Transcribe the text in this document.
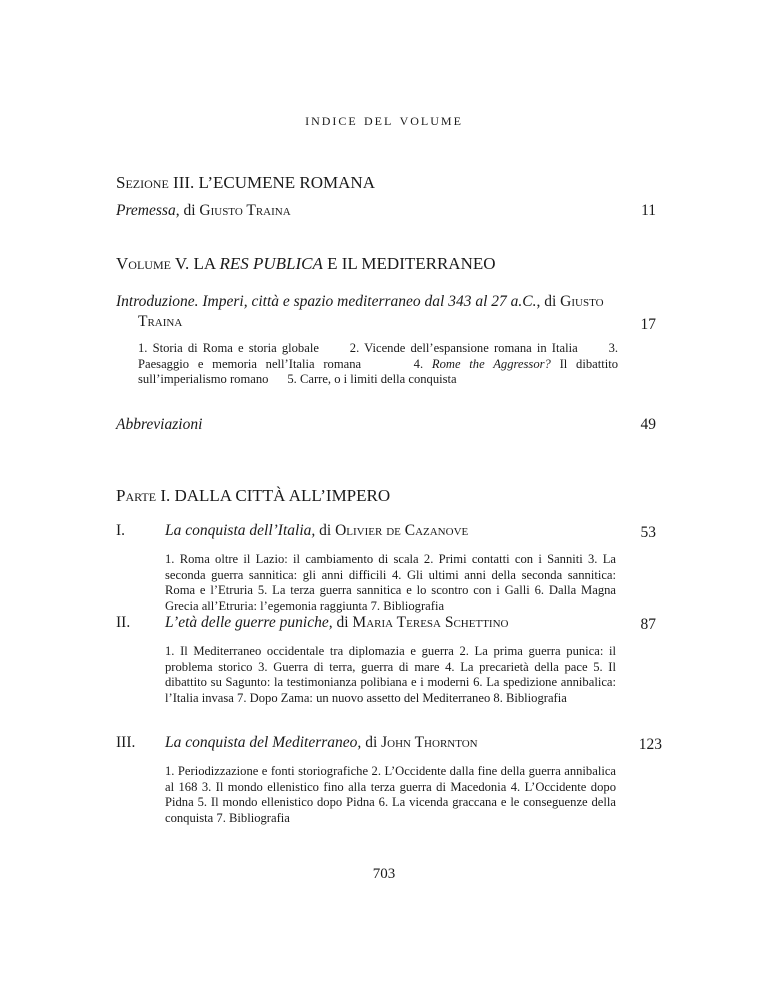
indice del volume
Sezione III. L’ECUMENE ROMANA
Premessa, di Giusto Traina	11
Volume V. LA RES PUBLICA E IL MEDITERRANEO
Introduzione. Imperi, città e spazio mediterraneo dal 343 al 27 a.C., di Giusto
Traina	17
1. Storia di Roma e storia globale 2. Vicende dell’espansione romana in Italia 3. Paesaggio e memoria nell’Italia romana	4. Rome the Aggressor? Il dibattito sull’imperialismo romano 5. Carre, o i limiti della conquista
Abbreviazioni	49
Parte I. DALLA CITTÀ ALL’IMPERO
I.	La conquista dell’Italia, di Olivier de Cazanove	53
1. Roma oltre il Lazio: il cambiamento di scala 2. Primi contatti con i Sanniti 3. La seconda guerra sannitica: gli anni difficili 4. Gli ultimi anni della seconda sannitica: Roma e l’Etruria 5. La terza guerra sannitica e lo scontro con i Galli 6. Dalla Magna Grecia all’Etruria: l’egemonia raggiunta 7. Bibliografia
II. L’età delle guerre puniche, di Maria Teresa Schettino	87
1. Il Mediterraneo occidentale tra diplomazia e guerra 2. La prima guerra punica: il problema storico 3. Guerra di terra, guerra di mare 4. La precarietà della pace 5. Il dibattito su Sagunto: la testimonianza polibiana e i moderni 6. La spedizione annibalica: l’Italia invasa 7. Dopo Zama: un nuovo assetto del Mediterraneo 8. Bibliografia
III. La conquista del Mediterraneo, di John Thornton	123
1. Periodizzazione e fonti storiografiche 2. L’Occidente dalla fine della guerra annibalica al 168 3. Il mondo ellenistico fino alla terza guerra di Macedonia 4. L’Occidente dopo Pidna 5. Il mondo ellenistico dopo Pidna 6. La vicenda graccana e le conseguenze della conquista 7. Bibliografia
703
